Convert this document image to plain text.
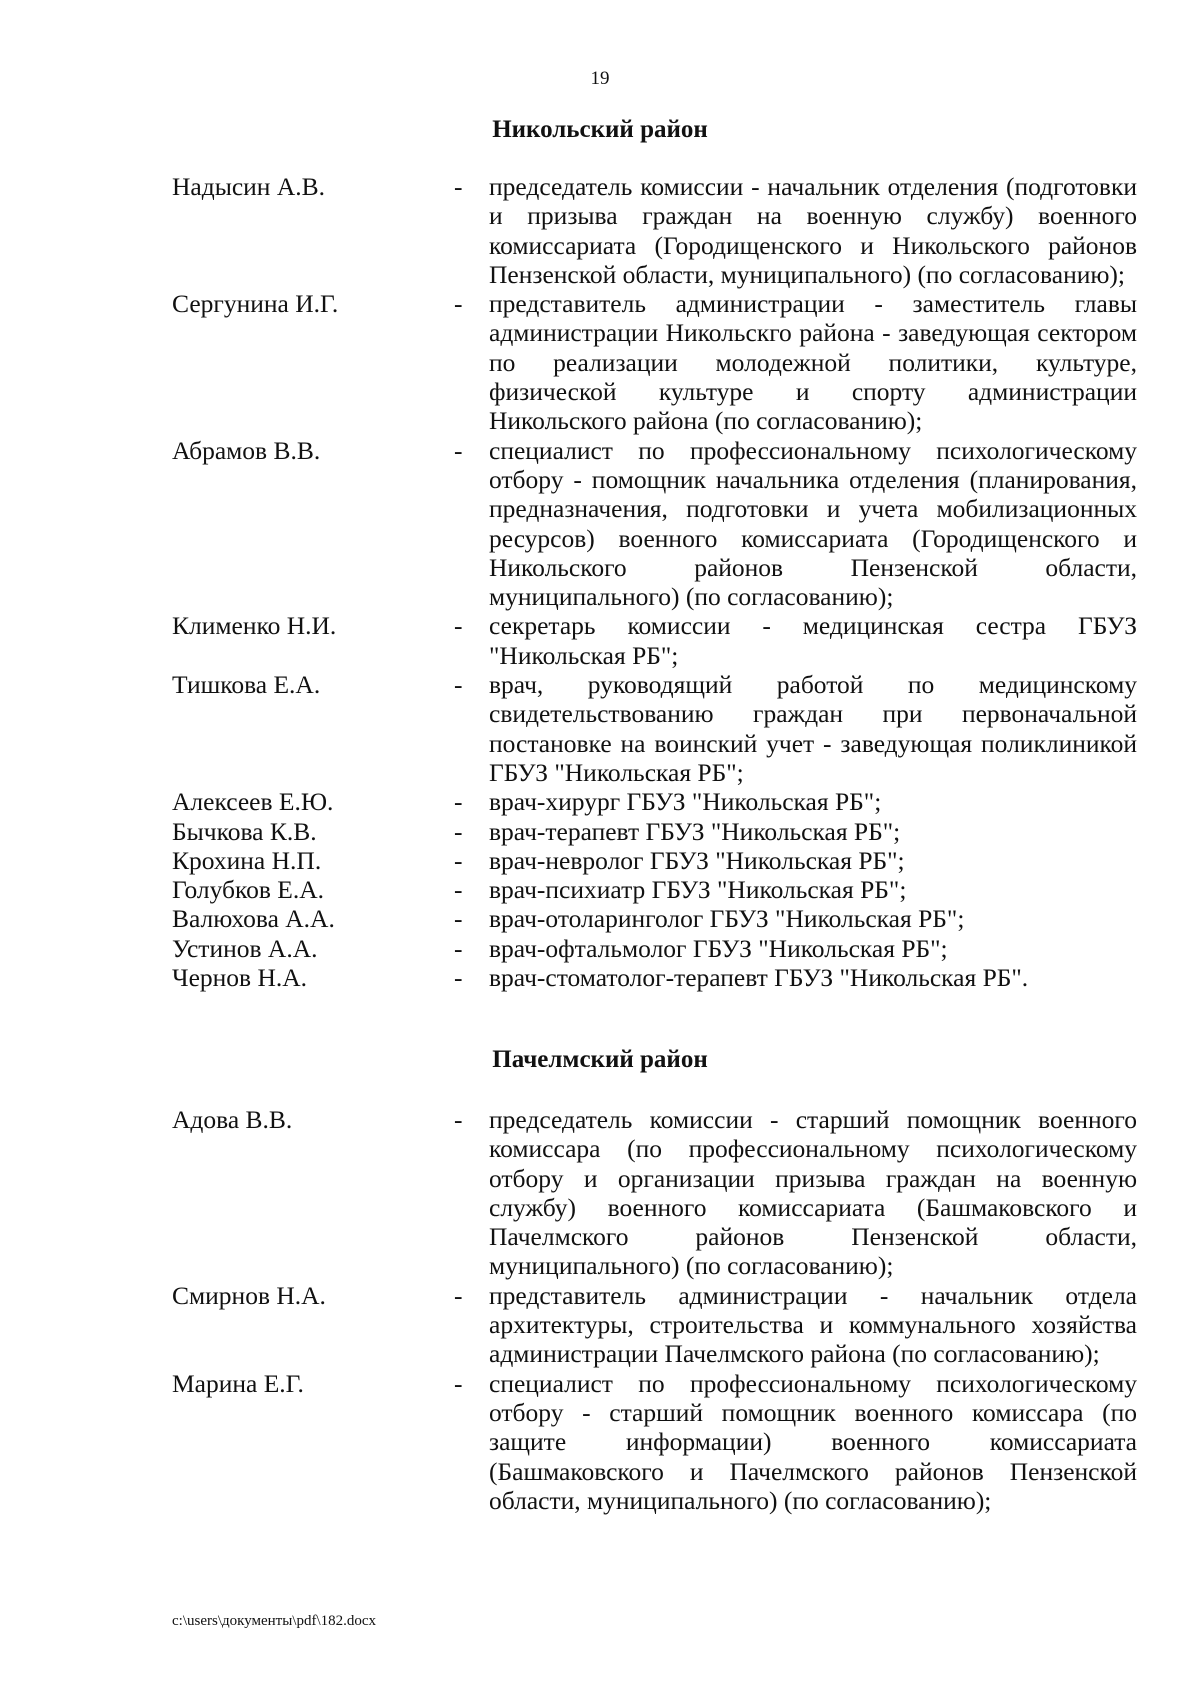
19
Никольский район
Надысин А.В.	- председатель комиссии - начальник отделения (подготовки и призыва граждан на военную службу) военного комиссариата (Городищенского и Никольского районов Пензенской области, муниципального) (по согласованию);
Сергунина И.Г.	- представитель администрации - заместитель главы администрации Никольскго района - заведующая сектором по реализации молодежной политики, культуре, физической культуре и спорту администрации Никольского района (по согласованию);
Абрамов В.В.	- специалист по профессиональному психологическому отбору - помощник начальника отделения (планирования, предназначения, подготовки и учета мобилизационных ресурсов) военного комиссариата (Городищенского и Никольского районов Пензенской области, муниципального) (по согласованию);
Клименко Н.И.	- секретарь комиссии - медицинская сестра ГБУЗ "Никольская РБ";
Тишкова Е.А.	- врач, руководящий работой по медицинскому свидетельствованию граждан при первоначальной постановке на воинский учет - заведующая поликлиникой ГБУЗ "Никольская РБ";
Алексеев Е.Ю.	- врач-хирург ГБУЗ "Никольская РБ";
Бычкова К.В.	- врач-терапевт ГБУЗ "Никольская РБ";
Крохина Н.П.	- врач-невролог ГБУЗ "Никольская РБ";
Голубков Е.А.	- врач-психиатр ГБУЗ "Никольская РБ";
Валюхова А.А.	- врач-отоларинголог ГБУЗ "Никольская РБ";
Устинов А.А.	- врач-офтальмолог ГБУЗ "Никольская РБ";
Чернов Н.А.	- врач-стоматолог-терапевт ГБУЗ "Никольская РБ".
Пачелмский район
Адова В.В.	- председатель комиссии - старший помощник военного комиссара (по профессиональному психологическому отбору и организации призыва граждан на военную службу) военного комиссариата (Башмаковского и Пачелмского районов Пензенской области, муниципального) (по согласованию);
Смирнов Н.А.	- представитель администрации - начальник отдела архитектуры, строительства и коммунального хозяйства администрации Пачелмского района (по согласованию);
Марина Е.Г.	- специалист по профессиональному психологическому отбору - старший помощник военного комиссара (по защите информации) военного комиссариата (Башмаковского и Пачелмского районов Пензенской области, муниципального) (по согласованию);
c:\users\документы\pdf\182.docx
